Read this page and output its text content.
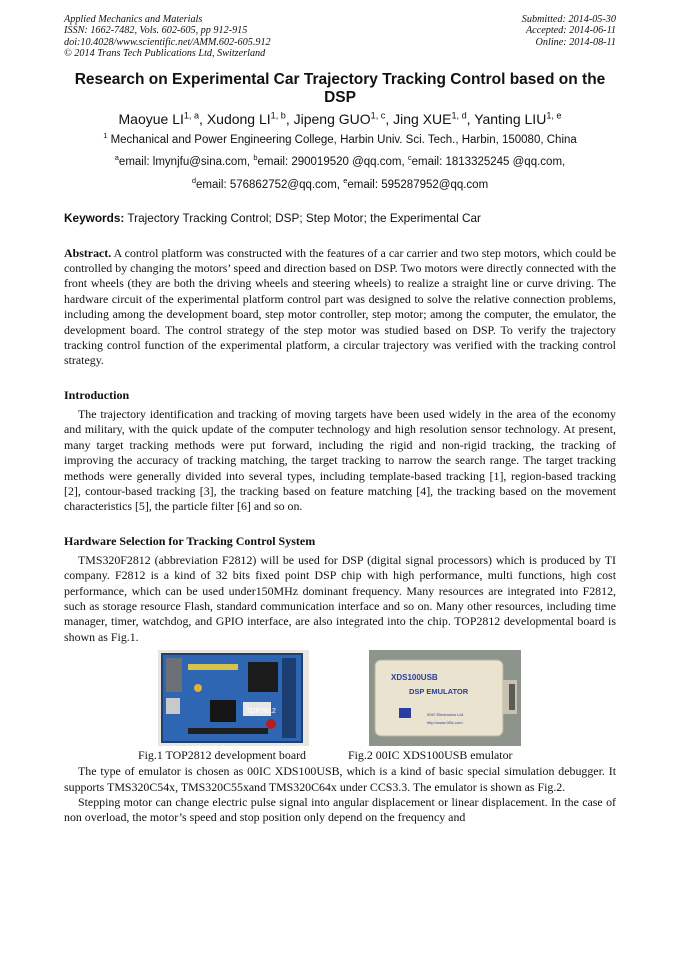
Applied Mechanics and Materials
ISSN: 1662-7482, Vols. 602-605, pp 912-915
doi:10.4028/www.scientific.net/AMM.602-605.912
© 2014 Trans Tech Publications Ltd, Switzerland
Submitted: 2014-05-30
Accepted: 2014-06-11
Online: 2014-08-11
Research on Experimental Car Trajectory Tracking Control based on the DSP
Maoyue LI$^{1, a}$, Xudong LI$^{1, b}$, Jipeng GUO$^{1, c}$, Jing XUE$^{1, d}$, Yanting LIU$^{1, e}$
$^1$ Mechanical and Power Engineering College, Harbin Univ. Sci. Tech., Harbin, 150080, China
$^a$email: lmynjfu@sina.com, $^b$email: 290019520 @qq.com, $^c$email: 1813325245 @qq.com,
$^d$email: 576862752@qq.com, $^e$email: 595287952@qq.com
Keywords: Trajectory Tracking Control; DSP; Step Motor; the Experimental Car

Abstract. A control platform was constructed with the features of a car carrier and two step motors, which could be controlled by changing the motors’ speed and direction based on DSP. Two motors were directly connected with the front wheels (they are both the driving wheels and steering wheels) to realize a straight line or curve driving. The hardware circuit of the experimental platform control part was designed to solve the relative connection problems, including among the development board, step motor controller, step motor; among the computer, the emulator, the development board. The control strategy of the step motor was studied based on DSP. To verify the trajectory tracking control function of the experimental platform, a circular trajectory was verified with the tracking control strategy.

Introduction

The trajectory identification and tracking of moving targets have been used widely in the area of the economy and military, with the quick update of the computer technology and high resolution sensor technology. At present, many target tracking methods were put forward, including the rigid and non-rigid tracking, the tracking of improving the accuracy of tracking matching, the target tracking to narrow the search range. The target tracking methods were generally divided into several types, including template-based tracking [1], region-based tracking [2], contour-based tracking [3], the tracking based on feature matching [4], the tracking based on the movement characteristics [5], the particle filter [6] and so on.

Hardware Selection for Tracking Control System

TMS320F2812 (abbreviation F2812) will be used for DSP (digital signal processors) which is produced by TI company. F2812 is a kind of 32 bits fixed point DSP chip with high performance, multi functions, high cost performance, which can be used under150MHz dominant frequency. Many resources are integrated into F2812, such as storage resource Flash, standard communication interface and so on. Many other resources, including time manager, timer, watchdog, and GPIO interface, are also integrated into the chip. TOP2812 developmental board is shown as Fig.1.

TOP2812
XDS100USB
DSP EMULATOR
00IC Electronics Ltd.
http://www.00ic.com
Fig.1 TOP2812 development board	Fig.2 00IC XDS100USB emulator

The type of emulator is chosen as 00IC XDS100USB, which is a kind of basic special simulation debugger. It supports TMS320C54x, TMS320C55xand TMS320C64x under CCS3.3. The emulator is shown as Fig.2.

Stepping motor can change electric pulse signal into angular displacement or linear displacement. In the case of non overload, the motor’s speed and stop position only depend on the frequency and
